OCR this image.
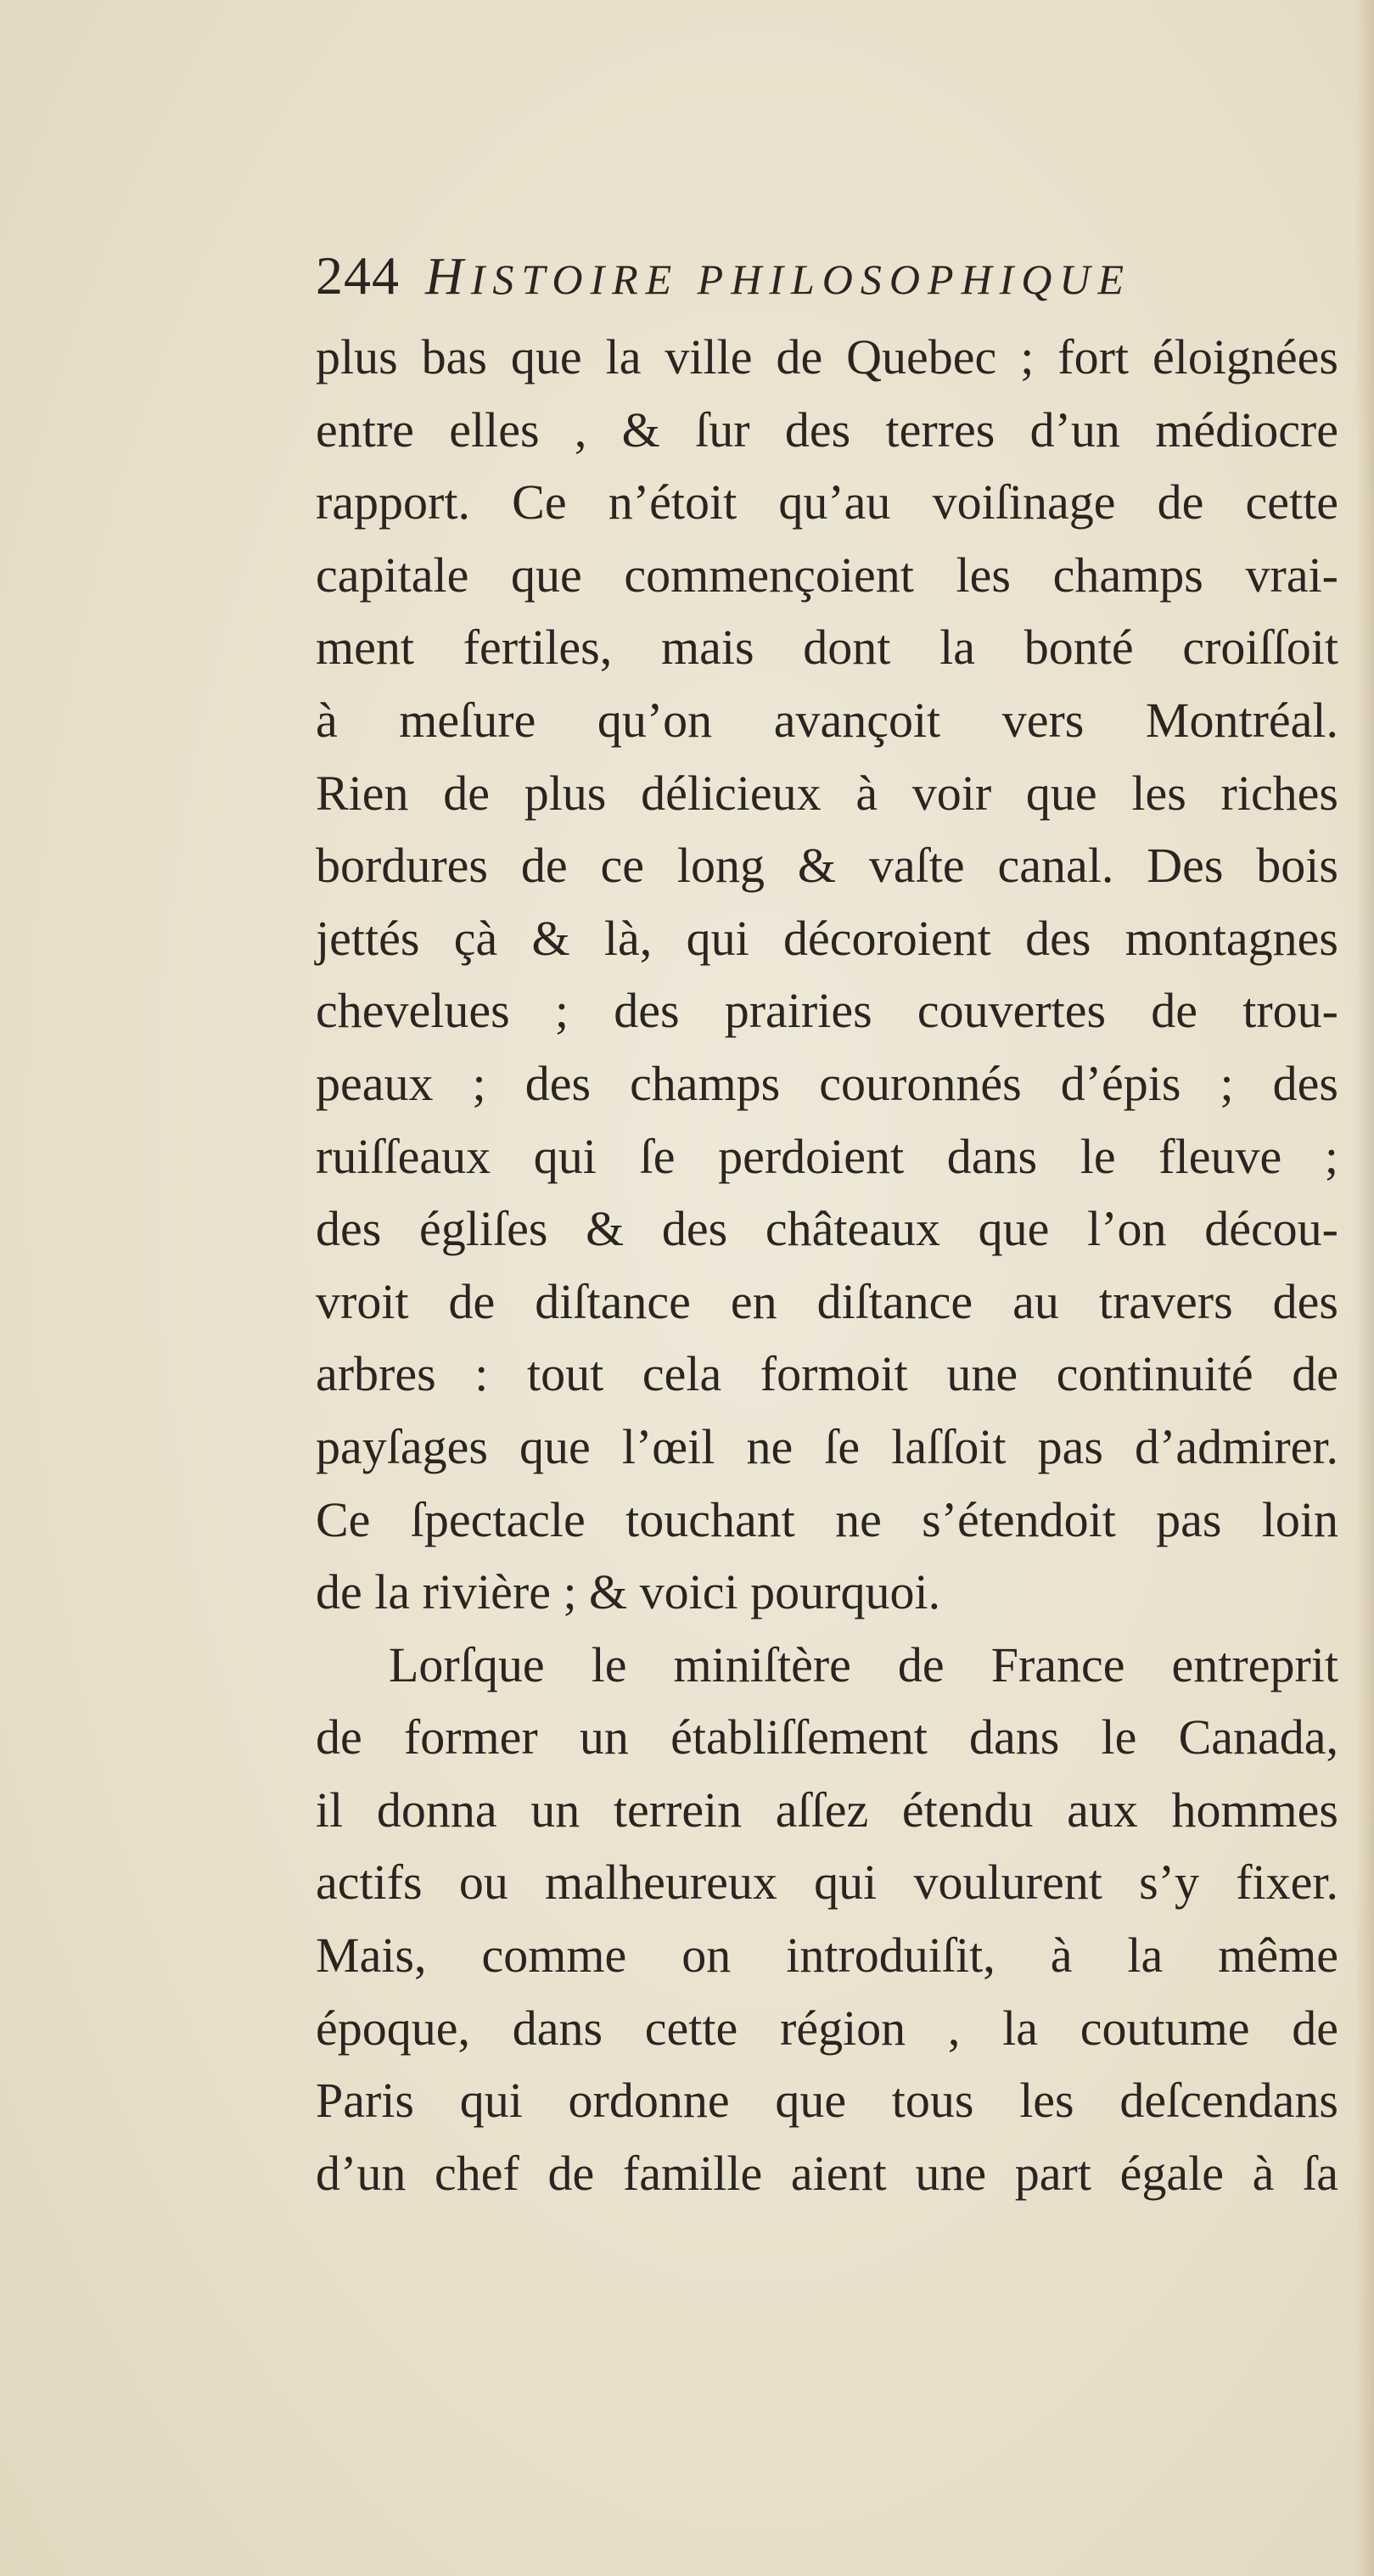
244 HISTOIRE PHILOSOPHIQUE
plus bas que la ville de Quebec ; fort éloignées
entre elles , & ſur des terres d’un médiocre
rapport. Ce n’étoit qu’au voiſinage de cette
capitale que commençoient les champs vrai-
ment fertiles, mais dont la bonté croiſſoit
à meſure qu’on avançoit vers Montréal.
Rien de plus délicieux à voir que les riches
bordures de ce long & vaſte canal. Des bois
jettés çà & là, qui décoroient des montagnes
chevelues ; des prairies couvertes de trou-
peaux ; des champs couronnés d’épis ; des
ruiſſeaux qui ſe perdoient dans le fleuve ;
des égliſes & des châteaux que l’on décou-
vroit de diſtance en diſtance au travers des
arbres : tout cela formoit une continuité de
payſages que l’œil ne ſe laſſoit pas d’admirer.
Ce ſpectacle touchant ne s’étendoit pas loin
de la rivière ; & voici pourquoi.
Lorſque le miniſtère de France entreprit
de former un établiſſement dans le Canada,
il donna un terrein aſſez étendu aux hommes
actifs ou malheureux qui voulurent s’y fixer.
Mais, comme on introduiſit, à la même
époque, dans cette région , la coutume de
Paris qui ordonne que tous les deſcendans
d’un chef de famille aient une part égale à ſa
